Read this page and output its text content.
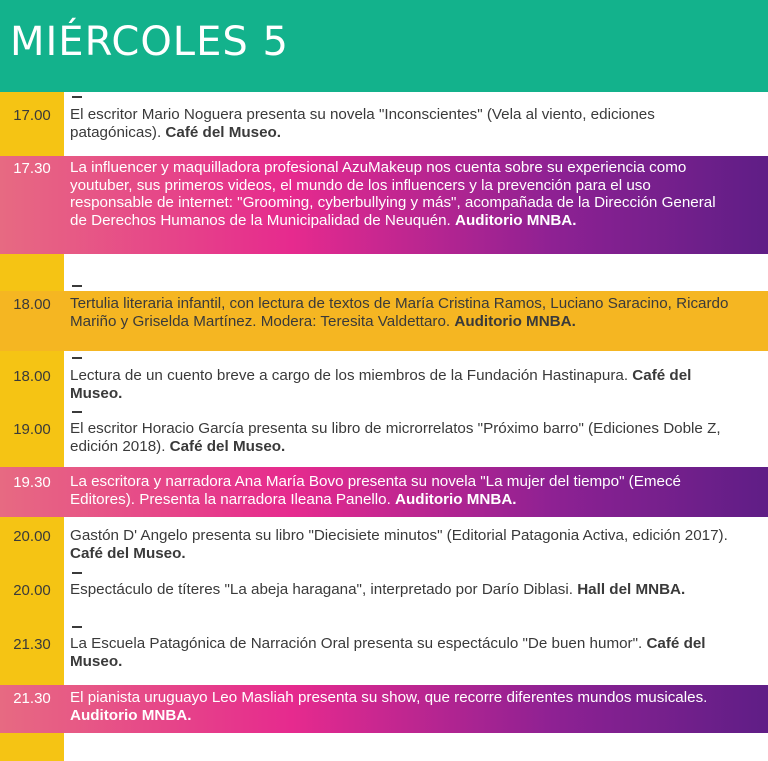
MIÉRCOLES 5
17.00	El escritor Mario Noguera presenta su novela "Inconscientes" (Vela al viento, ediciones patagónicas). Café del Museo.
17.30	La influencer y maquilladora profesional AzuMakeup nos cuenta sobre su experiencia como youtuber, sus primeros videos, el mundo de los influencers y la prevención para el uso responsable de internet: "Grooming, cyberbullying y más", acompañada de la Dirección General de Derechos Humanos de la Municipalidad de Neuquén. Auditorio MNBA.
18.00	Tertulia literaria infantil, con lectura de textos de María Cristina Ramos, Luciano Saracino, Ricardo Mariño y Griselda Martínez. Modera: Teresita Valdettaro. Auditorio MNBA.
18.00	Lectura de un cuento breve a cargo de los miembros de la Fundación Hastinapura. Café del Museo.
19.00	El escritor Horacio García presenta su libro de microrrelatos "Próximo barro" (Ediciones Doble Z, edición 2018). Café del Museo.
19.30	La escritora y narradora Ana María Bovo presenta su novela "La mujer del tiempo" (Emecé Editores). Presenta la narradora Ileana Panello. Auditorio MNBA.
20.00	Gastón D' Angelo presenta su libro "Diecisiete minutos" (Editorial Patagonia Activa, edición 2017). Café del Museo.
20.00	Espectáculo de títeres "La abeja haragana", interpretado por Darío Diblasi. Hall del MNBA.
21.30	La Escuela Patagónica de Narración Oral presenta su espectáculo "De buen humor". Café del Museo.
21.30	El pianista uruguayo Leo Masliah presenta su show, que recorre diferentes mundos musicales. Auditorio MNBA.
